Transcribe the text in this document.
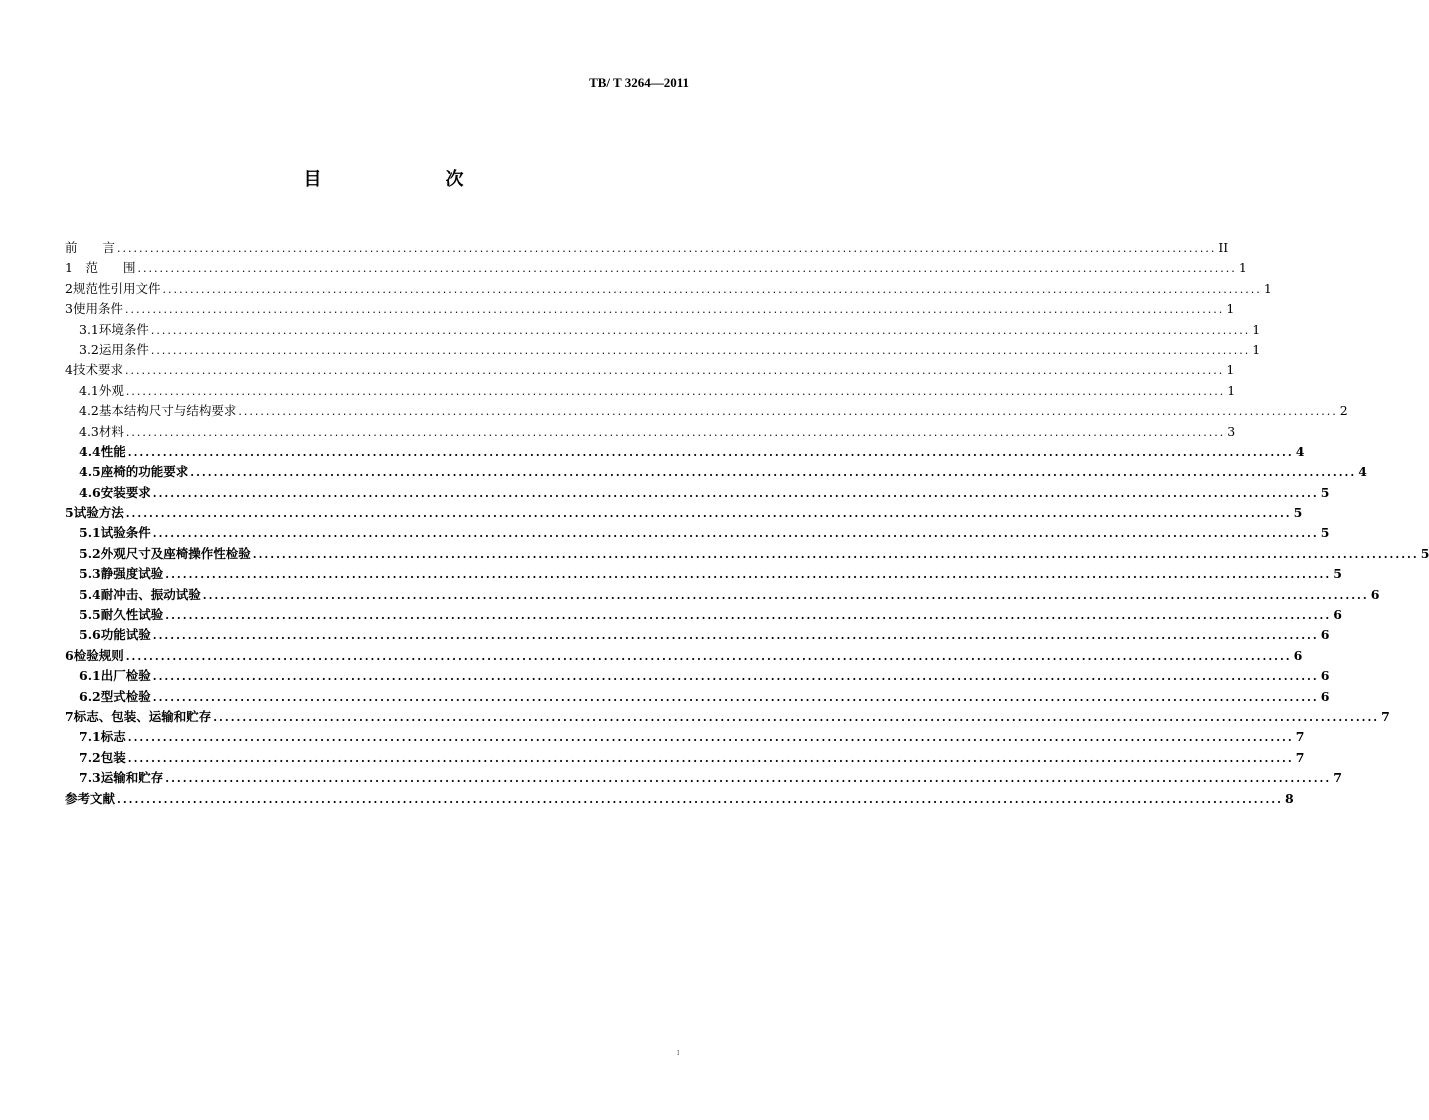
TB/ T 3264—2011
目	次
前　　言 ........................................................................................................................................................................................................ II
1 　范　　围 ........................................................................................................................................................................................................ 1
2 规范性引用文件 ........................................................................................................................................................................................................ 1
3 使用条件 ........................................................................................................................................................................................................ 1
3.1 环境条件 ........................................................................................................................................................................................................ 1
3.2 运用条件 ........................................................................................................................................................................................................ 1
4 技术要求 ........................................................................................................................................................................................................ 1
4.1 外观 ........................................................................................................................................................................................................ 1
4.2 基本结构尺寸与结构要求 ........................................................................................................................................................................................................ 2
4.3 材料 ........................................................................................................................................................................................................ 3
4.4 性能 ........................................................................................................................................................................................................ 4
4.5 座椅的功能要求 ........................................................................................................................................................................................................ 4
4.6 安装要求 ........................................................................................................................................................................................................ 5
5 试验方法 ........................................................................................................................................................................................................ 5
5.1 试验条件 ........................................................................................................................................................................................................ 5
5.2 外观尺寸及座椅操作性检验 ........................................................................................................................................................................................................ 5
5.3 静强度试验 ........................................................................................................................................................................................................ 5
5.4 耐冲击、振动试验 ........................................................................................................................................................................................................ 6
5.5 耐久性试验 ........................................................................................................................................................................................................ 6
5.6 功能试验 ........................................................................................................................................................................................................ 6
6 检验规则 ........................................................................................................................................................................................................ 6
6.1 出厂检验 ........................................................................................................................................................................................................ 6
6.2 型式检验 ........................................................................................................................................................................................................ 6
7 标志、包装、运输和贮存 ........................................................................................................................................................................................................ 7
7.1 标志 ........................................................................................................................................................................................................ 7
7.2 包装 ........................................................................................................................................................................................................ 7
7.3 运输和贮存 ........................................................................................................................................................................................................ 7
参考文献 ........................................................................................................................................................................................................ 8
I
